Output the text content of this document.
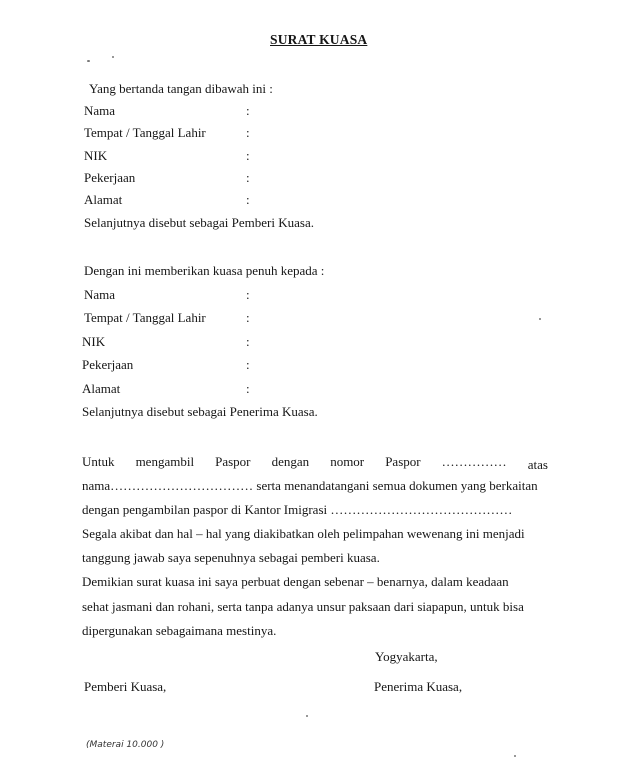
SURAT KUASA
Yang bertanda tangan dibawah ini :
Nama	:
Tempat / Tanggal Lahir	:
NIK	:
Pekerjaan	:
Alamat	:
Selanjutnya disebut sebagai Pemberi Kuasa.
Dengan ini memberikan kuasa penuh kepada :
Nama	:
Tempat / Tanggal Lahir	:
NIK	:
Pekerjaan	:
Alamat	:
Selanjutnya disebut sebagai Penerima Kuasa.
Untuk mengambil Paspor dengan nomor Paspor …………… atas
nama…………………………… serta menandatangani semua dokumen yang berkaitan
dengan pengambilan paspor di Kantor Imigrasi ……………………………………
Segala akibat dan hal – hal yang diakibatkan oleh pelimpahan wewenang ini menjadi
tanggung jawab saya sepenuhnya sebagai pemberi kuasa.
Demikian surat kuasa ini saya perbuat dengan sebenar – benarnya, dalam keadaan
sehat jasmani dan rohani, serta tanpa adanya unsur paksaan dari siapapun, untuk bisa
dipergunakan sebagaimana mestinya.
Yogyakarta,
Pemberi Kuasa,	Penerima Kuasa,
(Materai 10.000 )
